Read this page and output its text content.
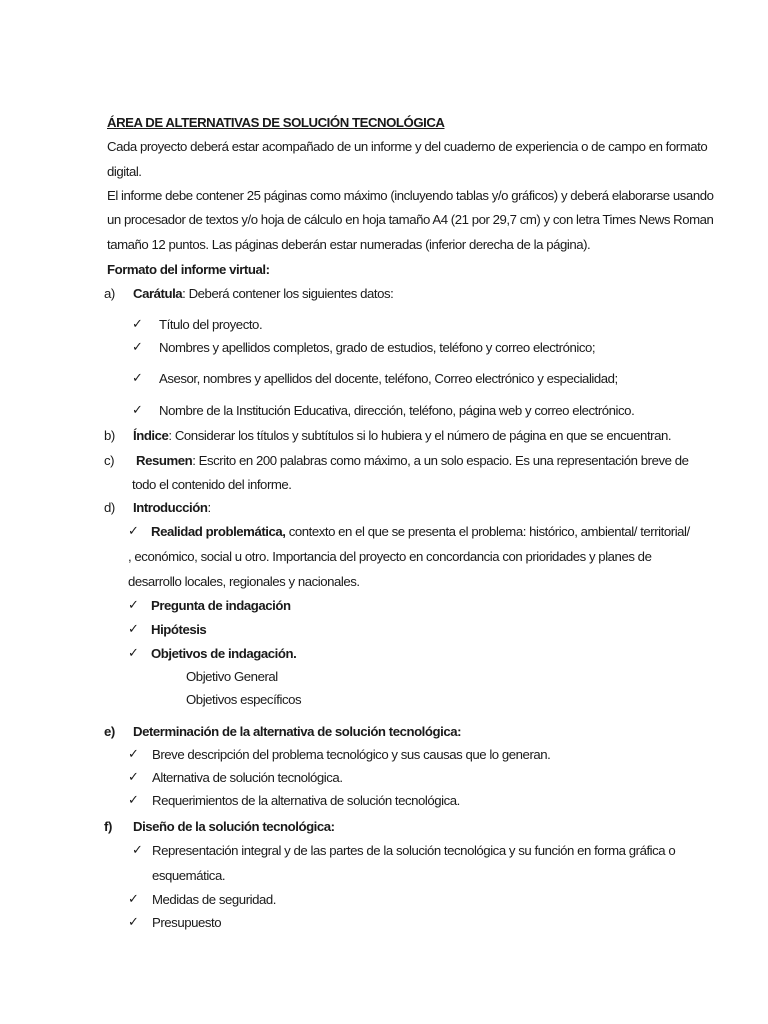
ÁREA DE ALTERNATIVAS DE SOLUCIÓN TECNOLÓGICA
Cada proyecto deberá estar acompañado de un informe y del cuaderno de experiencia o de campo en formato
digital.
El informe debe contener 25 páginas como máximo (incluyendo tablas y/o gráficos) y deberá elaborarse usando
un procesador de textos y/o hoja de cálculo en hoja tamaño A4 (21 por 29,7 cm) y con letra Times News Roman
tamaño 12 puntos. Las páginas deberán estar numeradas (inferior derecha de la página).
Formato del informe virtual:
a) Carátula: Deberá contener los siguientes datos:
✓ Título del proyecto.
✓ Nombres y apellidos completos, grado de estudios, teléfono y correo electrónico;
✓ Asesor, nombres y apellidos del docente, teléfono, Correo electrónico y especialidad;
✓ Nombre de la Institución Educativa, dirección, teléfono, página web y correo electrónico.
b) Índice: Considerar los títulos y subtítulos si lo hubiera y el número de página en que se encuentran.
c) Resumen: Escrito en 200 palabras como máximo, a un solo espacio. Es una representación breve de
todo el contenido del informe.
d) Introducción:
✓ Realidad problemática, contexto en el que se presenta el problema: histórico, ambiental/ territorial/
, económico, social u otro. Importancia del proyecto en concordancia con prioridades y planes de
desarrollo locales, regionales y nacionales.
✓ Pregunta de indagación
✓ Hipótesis
✓ Objetivos de indagación.
Objetivo General
Objetivos específicos
e) Determinación de la alternativa de solución tecnológica:
✓ Breve descripción del problema tecnológico y sus causas que lo generan.
✓ Alternativa de solución tecnológica.
✓ Requerimientos de la alternativa de solución tecnológica.
f) Diseño de la solución tecnológica:
✓ Representación integral y de las partes de la solución tecnológica y su función en forma gráfica o
esquemática.
✓ Medidas de seguridad.
✓ Presupuesto
